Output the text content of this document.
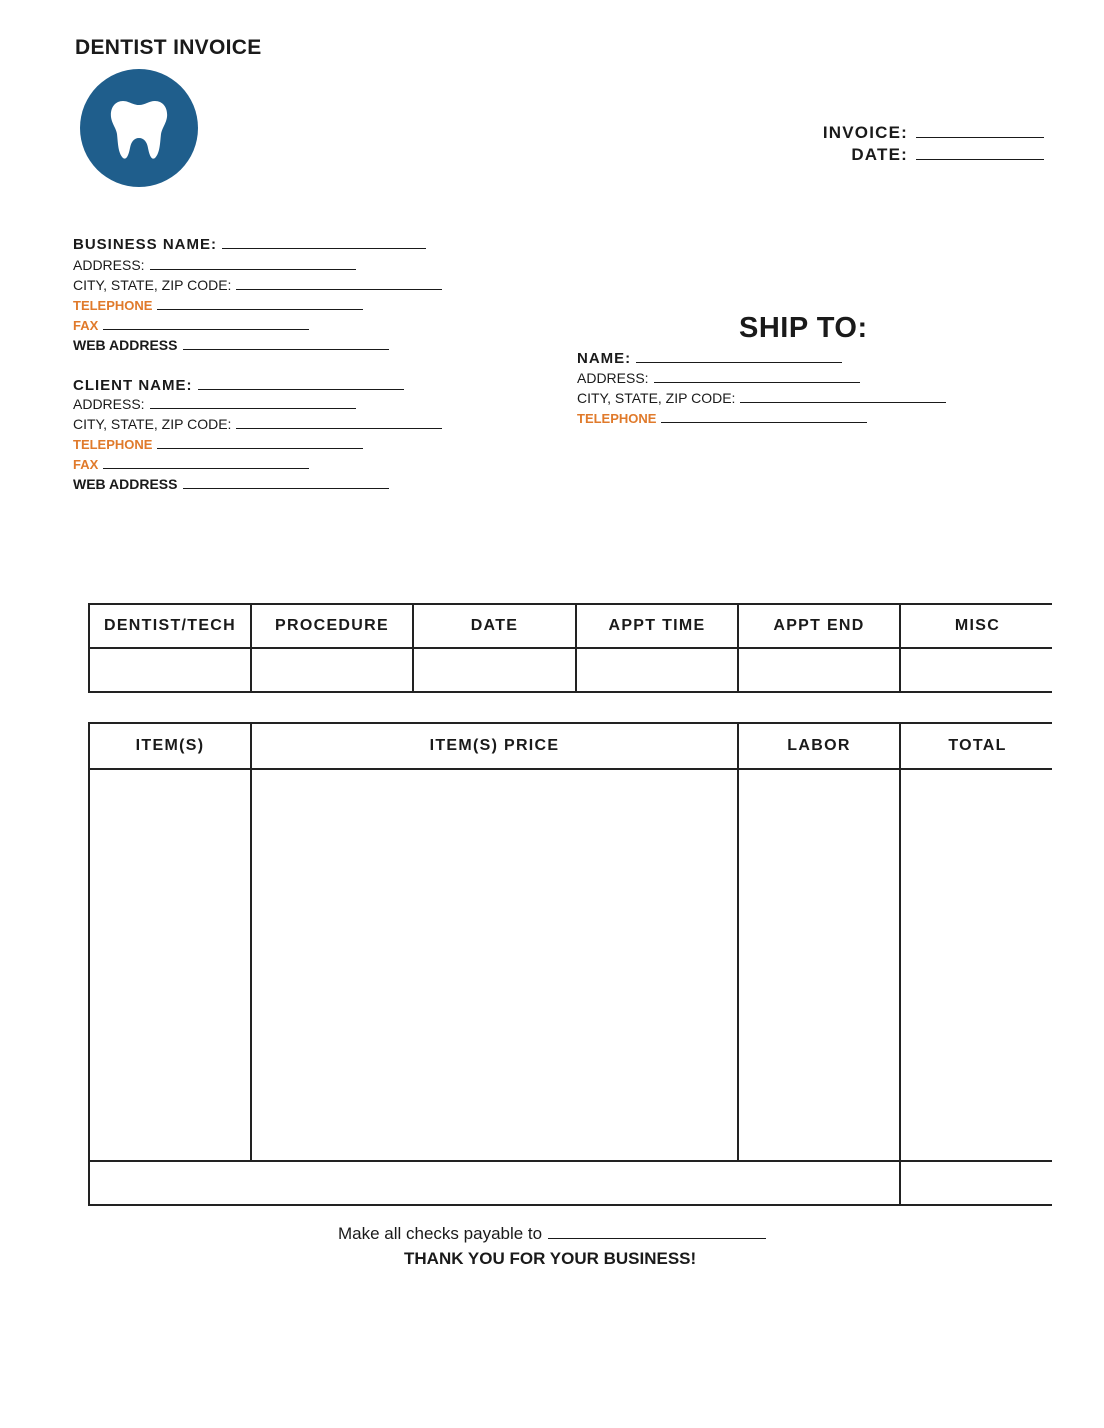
DENTIST INVOICE
INVOICE:
DATE:
BUSINESS NAME:
ADDRESS:
CITY, STATE, ZIP CODE:
TELEPHONE
FAX
WEB ADDRESS
CLIENT NAME:
ADDRESS:
CITY, STATE, ZIP CODE:
TELEPHONE
FAX
WEB ADDRESS
SHIP TO:
NAME:
ADDRESS:
CITY, STATE, ZIP CODE:
TELEPHONE
DENTIST/TECH	PROCEDURE	DATE	APPT TIME	APPT END	MISC

ITEM(S)	ITEM(S) PRICE	LABOR	TOTAL

Make all checks payable to
THANK YOU FOR YOUR BUSINESS!
